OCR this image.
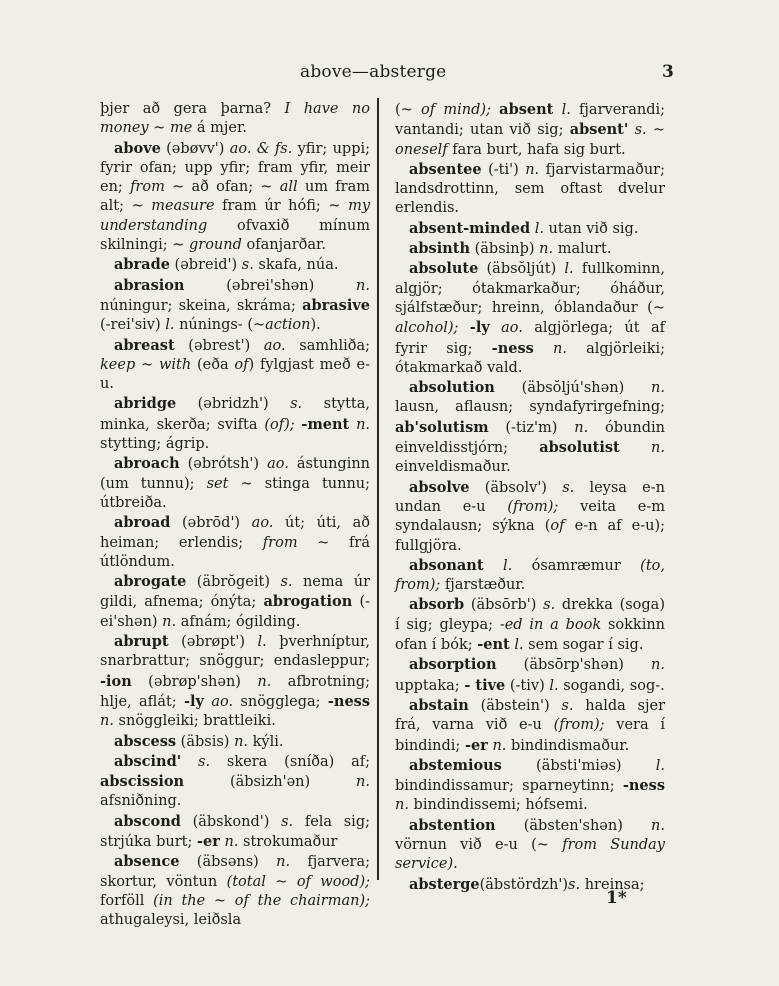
above—absterge	3

þjer að gera þarna? I have no money ~ me á mjer.

above (əbøvv') ao. & fs. yfir; uppi; fyrir ofan; upp yfir; fram yfir, meir en; from ~ að ofan; ~ all um fram alt; ~ measure fram úr hófi; ~ my understanding ofvaxið mínum skilningi; ~ ground ofanjarðar.

abrade (əbreid') s. skafa, núa.

abrasion (əbrei'shən) n. núningur; skeina, skráma; abrasive (-rei'siv) l. núnings- (~action).

abreast (əbrest') ao. samhliða; keep ~ with (eða of) fylgjast með e-u.

abridge (əbridzh') s. stytta, minka, skerða; svifta (of); -ment n. stytting; ágrip.

abroach (əbrótsh') ao. ástunginn (um tunnu); set ~ stinga tunnu; útbreiða.

abroad (əbrōd') ao. út; úti, að heiman; erlendis; from ~ frá útlöndum.

abrogate (äbrŏgeit) s. nema úr gildi, afnema; ónýta; abrogation (-ei'shən) n. afnám; ógilding.

abrupt (əbrøpt') l. þverhníptur, snarbrattur; snöggur; endasleppur; -ion (əbrøp'shən) n. afbrotning; hlje, aflát; -ly ao. snögglega; -ness n. snöggleiki; brattleiki.

abscess (äbsis) n. kýli.

abscind' s. skera (sníða) af; abscission (äbsizh'ən) n. afsniðning.

abscond (äbskond') s. fela sig; strjúka burt; -er n. strokumaður

absence (äbsəns) n. fjarvera; skortur, vöntun (total ~ of wood); forföll (in the ~ of the chairman); athugaleysi, leiðsla

(~ of mind); absent l. fjarverandi; vantandi; utan við sig; absent' s. ~ oneself fara burt, hafa sig burt.

absentee (-ti') n. fjarvistarmaður; landsdrottinn, sem oftast dvelur erlendis.

absent-minded l. utan við sig.

absinth (äbsinþ) n. malurt.

absolute (äbsŏljút) l. fullkominn, algjör; ótakmarkaður; óháður, sjálfstæður; hreinn, óblandaður (~ alcohol); -ly ao. algjörlega; út af fyrir sig; -ness n. algjörleiki; ótakmarkað vald.

absolution (äbsŏljú'shən) n. lausn, aflausn; syndafyrirgefning; ab'solutism (-tiz'm) n. óbundin einveldisstjórn; absolutist n. einveldismaður.

absolve (äbsolv') s. leysa e-n undan e-u (from); veita e-m syndalausn; sýkna (of e-n af e-u); fullgjöra.

absonant l. ósamræmur (to, from); fjarstæður.

absorb (äbsōrb') s. drekka (soga) í sig; gleypa; -ed in a book sokkinn ofan í bók; -ent l. sem sogar í sig.

absorption (äbsōrp'shən) n. upptaka; - tive (-tiv) l. sogandi, sog-.

abstain (äbstein') s. halda sjer frá, varna við e-u (from); vera í bindindi; -er n. bindindismaður.

abstemious (äbsti'miəs) l. bindindissamur; sparneytinn; -ness n. bindindissemi; hófsemi.

abstention (äbsten'shən) n. vörnun við e-u (~ from Sunday service).

absterge(äbstördzh')s. hreinsa;

1*
